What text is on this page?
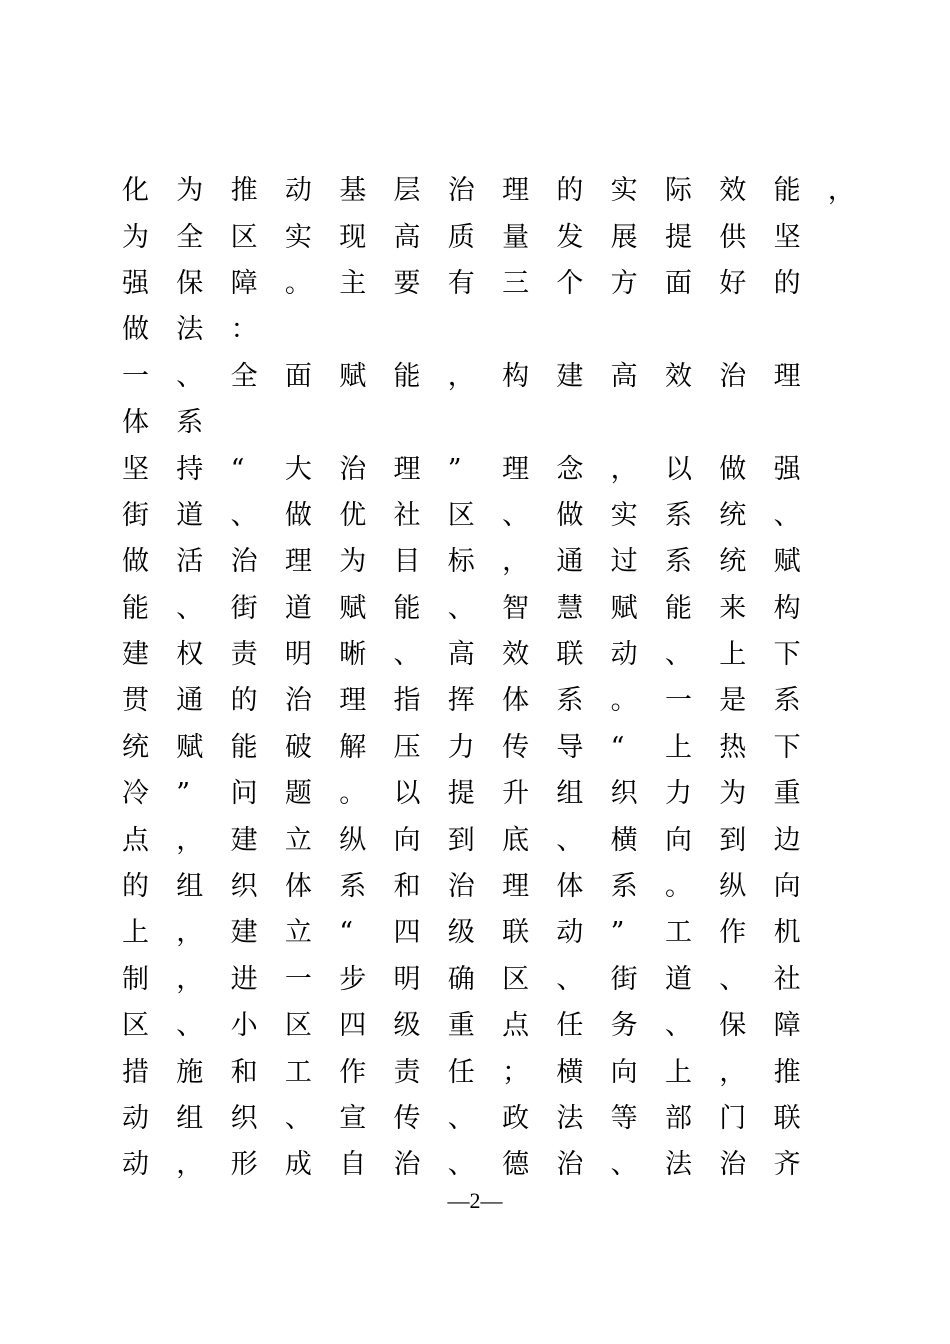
化	为	推	动	基	层	治	理	的	实	际	效	能	，
为	全	区	实	现	高	质	量	发	展	提	供	坚
强	保	障	。	主	要	有	三	个	方	面	好	的
做	法	：
一	、	全	面	赋	能	，	构	建	高	效	治	理
体	系
坚	持	“	大	治	理	”	理	念	，	以	做	强
街	道	、	做	优	社	区	、	做	实	系	统	、
做	活	治	理	为	目	标	，	通	过	系	统	赋
能	、	街	道	赋	能	、	智	慧	赋	能	来	构
建	权	责	明	晰	、	高	效	联	动	、	上	下
贯	通	的	治	理	指	挥	体	系	。	一	是	系
统	赋	能	破	解	压	力	传	导	“	上	热	下
冷	”	问	题	。	以	提	升	组	织	力	为	重
点	，	建	立	纵	向	到	底	、	横	向	到	边
的	组	织	体	系	和	治	理	体	系	。	纵	向
上	，	建	立	“	四	级	联	动	”	工	作	机
制	，	进	一	步	明	确	区	、	街	道	、	社
区	、	小	区	四	级	重	点	任	务	、	保	障
措	施	和	工	作	责	任	；	横	向	上	，	推
动	组	织	、	宣	传	、	政	法	等	部	门	联
动	，	形	成	自	治	、	德	治	、	法	治	齐
—2—
